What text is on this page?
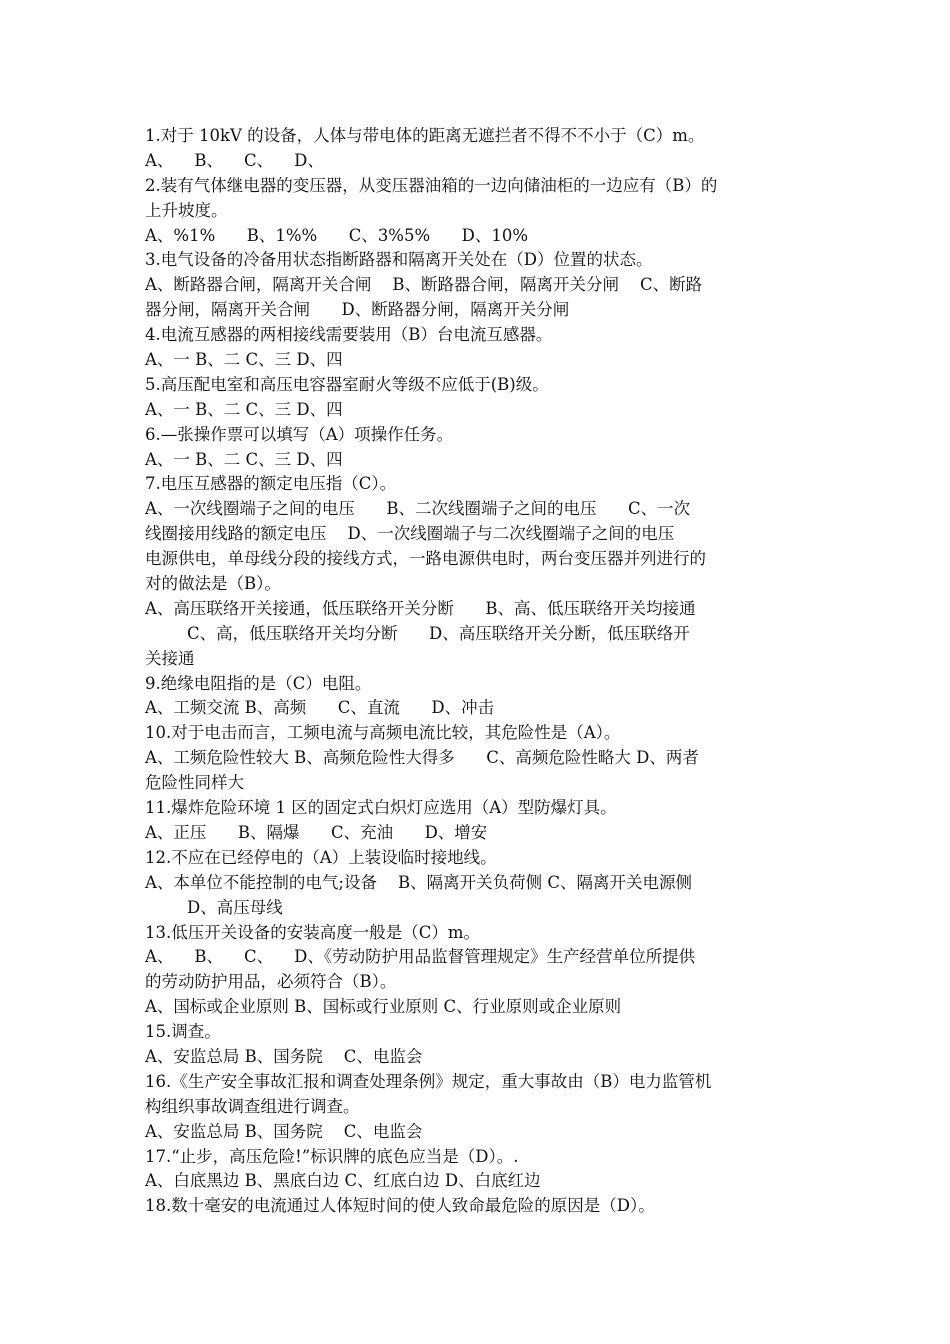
1.对于 10kV 的设备，人体与带电体的距离无遮拦者不得不不小于（C）m。
A、    B、    C、    D、
2.装有气体继电器的变压器，从变压器油箱的一边向储油柜的一边应有（B）的
上升坡度。
A、%1%      B、1%%      C、3%5%      D、10%
3.电气设备的冷备用状态指断路器和隔离开关处在（D）位置的状态。
A、断路器合闸，隔离开关合闸    B、断路器合闸，隔离开关分闸    C、断路
器分闸，隔离开关合闸      D、断路器分闸，隔离开关分闸
4.电流互感器的两相接线需要装用（B）台电流互感器。
A、一 B、二 C、三 D、四
5.高压配电室和高压电容器室耐火等级不应低于(B)级。
A、一 B、二 C、三 D、四
6.—张操作票可以填写（A）项操作任务。
A、一 B、二 C、三 D、四
7.电压互感器的额定电压指（C）。
A、一次线圈端子之间的电压      B、二次线圈端子之间的电压      C、一次
线圈接用线路的额定电压    D、一次线圈端子与二次线圈端子之间的电压
电源供电，单母线分段的接线方式，一路电源供电时，两台变压器并列进行的
对的做法是（B）。
A、高压联络开关接通，低压联络开关分断      B、高、低压联络开关均接通
C、高，低压联络开关均分断      D、高压联络开关分断，低压联络开
关接通
9.绝缘电阻指的是（C）电阻。
A、工频交流 B、高频      C、直流      D、冲击
10.对于电击而言，工频电流与高频电流比较，其危险性是（A）。
A、工频危险性较大 B、高频危险性大得多      C、高频危险性略大 D、两者
危险性同样大
11.爆炸危险环境 1 区的固定式白炽灯应选用（A）型防爆灯具。
A、正压      B、隔爆      C、充油      D、增安
12.不应在已经停电的（A）上装设临时接地线。
A、本单位不能控制的电气;设备    B、隔离开关负荷侧 C、隔离开关电源侧
D、高压母线
13.低压开关设备的安装高度一般是（C）m。
A、    B、    C、    D、《劳动防护用品监督管理规定》生产经营单位所提供
的劳动防护用品，必须符合（B）。
A、国标或企业原则 B、国标或行业原则 C、行业原则或企业原则
15.调查。
A、安监总局 B、国务院    C、电监会
16.《生产安全事故汇报和调查处理条例》规定，重大事故由（B）电力监管机
构组织事故调查组进行调查。
A、安监总局 B、国务院    C、电监会
17.“止步，高压危险!”标识牌的底色应当是（D）。.
A、白底黑边 B、黑底白边 C、红底白边 D、白底红边
18.数十毫安的电流通过人体短时间的使人致命最危险的原因是（D）。
